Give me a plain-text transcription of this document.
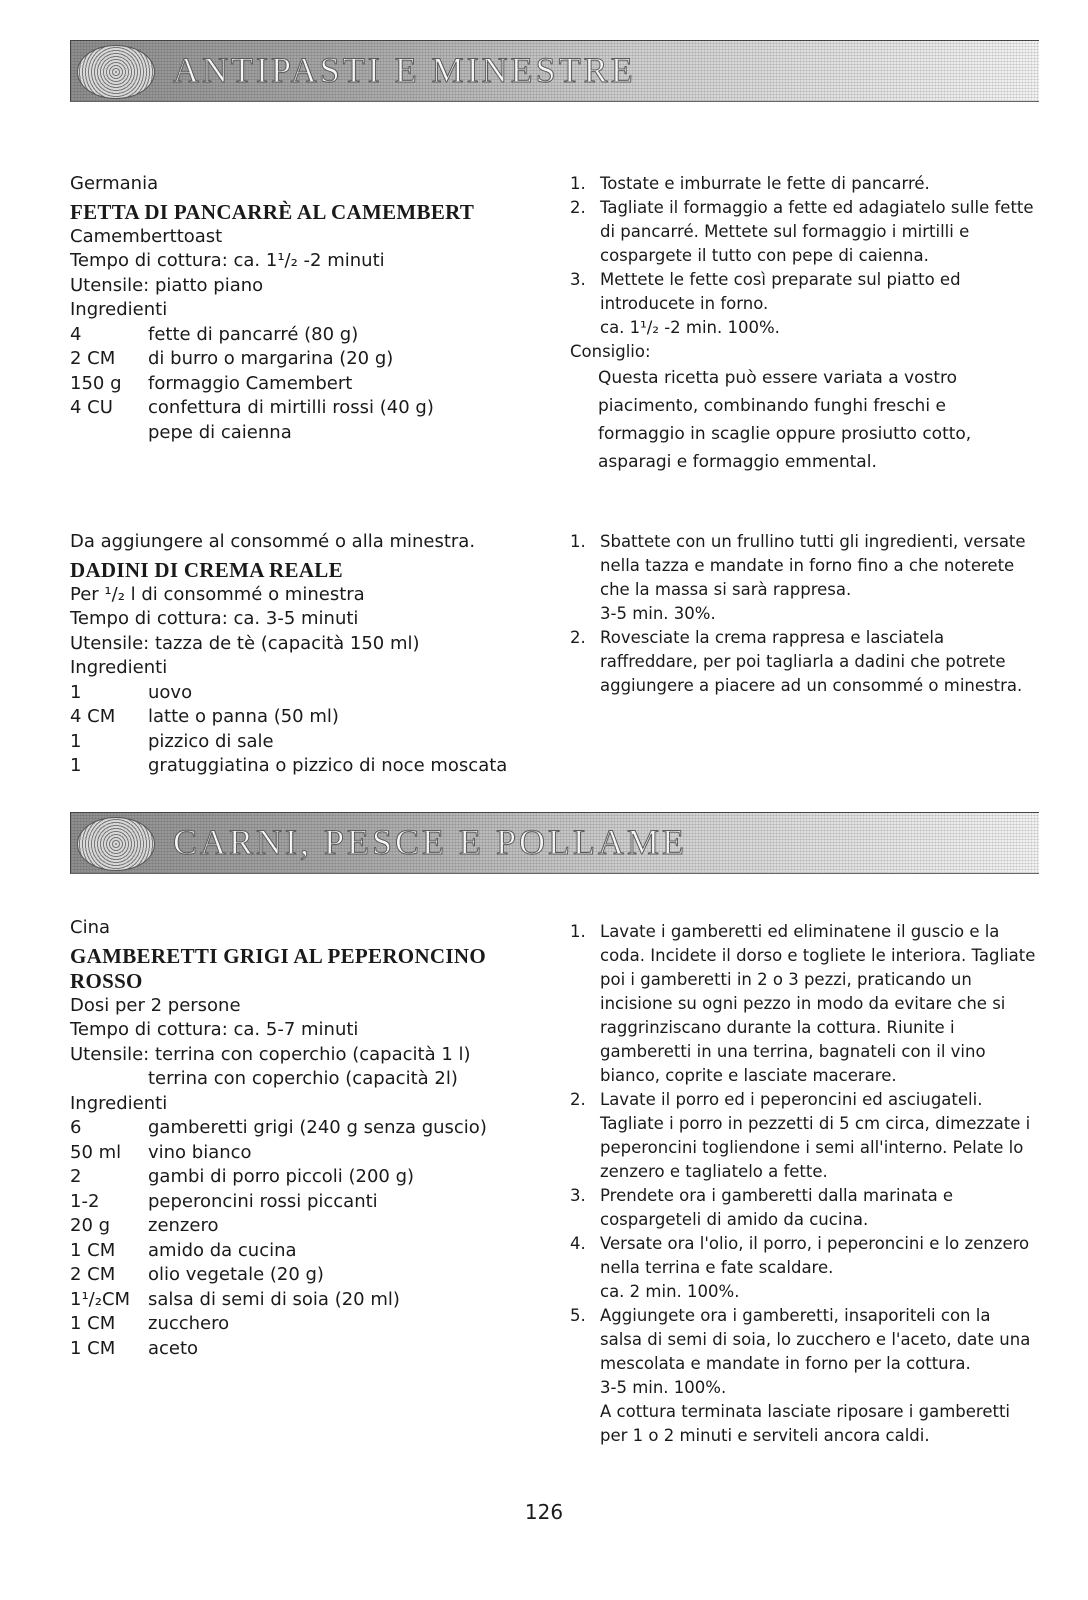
ANTIPASTI E MINESTRE
Germania
FETTA DI PANCARRÈ AL CAMEMBERT
Camemberttoast
Tempo di cottura: ca. 1¹/₂ -2 minuti
Utensile: piatto piano
Ingredienti
4	fette di pancarré (80 g)
2 CM	di burro o margarina (20 g)
150 g	formaggio Camembert
4 CU	confettura di mirtilli rossi (40 g)
pepe di caienna
1. Tostate e imburrate le fette di pancarré.
2. Tagliate il formaggio a fette ed adagiatelo sulle fette di pancarré. Mettete sul formaggio i mirtilli e cospargete il tutto con pepe di caienna.
3. Mettete le fette così preparate sul piatto ed introducete in forno.
ca. 1¹/₂ -2 min. 100%.
Consiglio:
Questa ricetta può essere variata a vostro piacimento, combinando funghi freschi e formaggio in scaglie oppure prosiutto cotto, asparagi e formaggio emmental.
Da aggiungere al consommé o alla minestra.
DADINI DI CREMA REALE
Per ¹/₂ l di consommé o minestra
Tempo di cottura: ca. 3-5 minuti
Utensile: tazza de tè (capacità 150 ml)
Ingredienti
1	uovo
4 CM	latte o panna (50 ml)
1	pizzico di sale
1	gratuggiatina o pizzico di noce moscata
1. Sbattete con un frullino tutti gli ingredienti, versate nella tazza e mandate in forno fino a che noterete che la massa si sarà rappresa.
3-5 min. 30%.
2. Rovesciate la crema rappresa e lasciatela raffreddare, per poi tagliarla a dadini che potrete aggiungere a piacere ad un consommé o minestra.
CARNI, PESCE E POLLAME
Cina
GAMBERETTI GRIGI AL PEPERONCINO ROSSO
Dosi per 2 persone
Tempo di cottura: ca. 5-7 minuti
Utensile: terrina con coperchio (capacità 1 l)
terrina con coperchio (capacità 2l)
Ingredienti
6	gamberetti grigi (240 g senza guscio)
50 ml	vino bianco
2	gambi di porro piccoli (200 g)
1-2	peperoncini rossi piccanti
20 g	zenzero
1 CM	amido da cucina
2 CM	olio vegetale (20 g)
1¹/₂CM salsa di semi di soia (20 ml)
1 CM	zucchero
1 CM	aceto
1. Lavate i gamberetti ed eliminatene il guscio e la coda. Incidete il dorso e togliete le interiora. Tagliate poi i gamberetti in 2 o 3 pezzi, praticando un incisione su ogni pezzo in modo da evitare che si raggrinziscano durante la cottura. Riunite i gamberetti in una terrina, bagnateli con il vino bianco, coprite e lasciate macerare.
2. Lavate il porro ed i peperoncini ed asciugateli. Tagliate i porro in pezzetti di 5 cm circa, dimezzate i peperoncini togliendone i semi all'interno. Pelate lo zenzero e tagliatelo a fette.
3. Prendete ora i gamberetti dalla marinata e cospargeteli di amido da cucina.
4. Versate ora l'olio, il porro, i peperoncini e lo zenzero nella terrina e fate scaldare.
ca. 2 min. 100%.
5. Aggiungete ora i gamberetti, insaporiteli con la salsa di semi di soia, lo zucchero e l'aceto, date una mescolata e mandate in forno per la cottura.
3-5 min. 100%.
A cottura terminata lasciate riposare i gamberetti per 1 o 2 minuti e serviteli ancora caldi.
126
